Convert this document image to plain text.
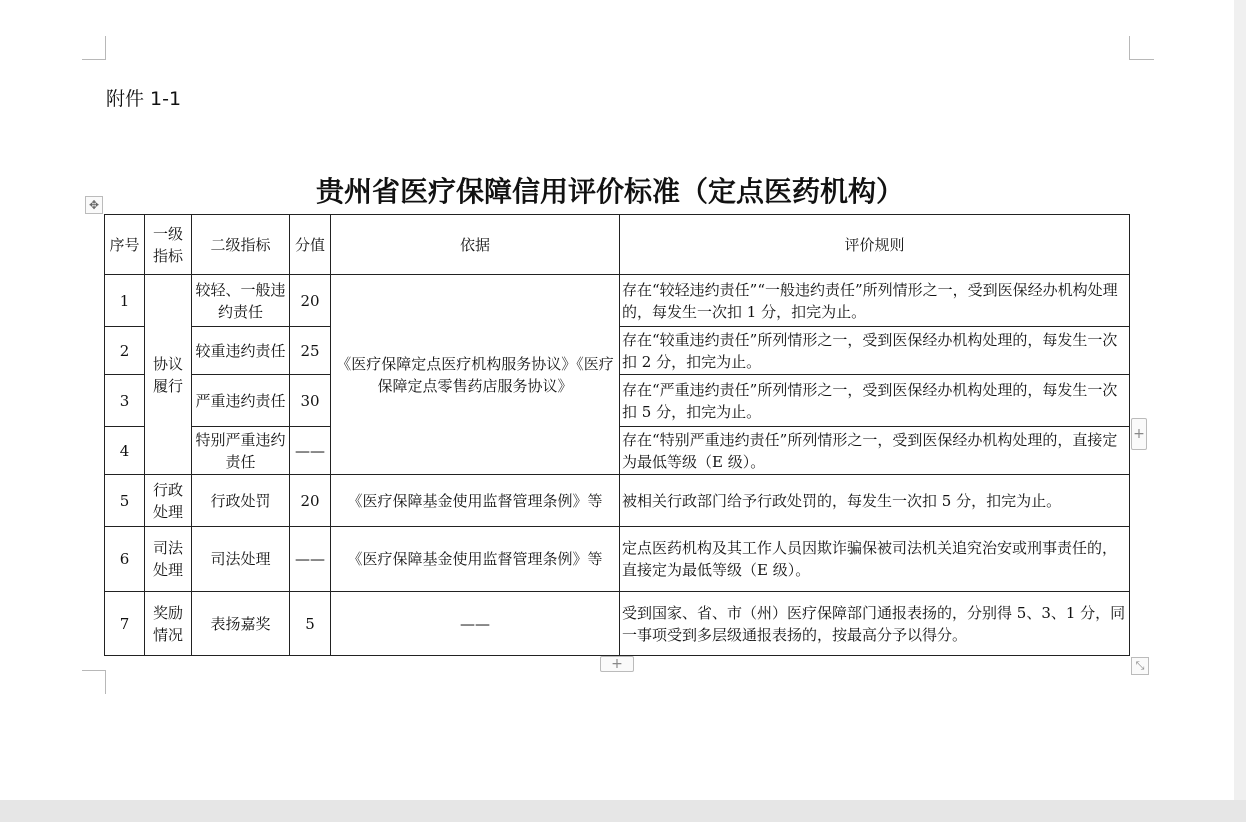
附件 1-1
贵州省医疗保障信用评价标准（定点医药机构）
✥
序号	一级指标	二级指标	分值	依据	评价规则
1	协议履行	较轻、一般违约责任	20	《医疗保障定点医疗机构服务协议》《医疗保障定点零售药店服务协议》	存在“较轻违约责任”“一般违约责任”所列情形之一，受到医保经办机构处理的，每发生一次扣 1 分，扣完为止。
2		较重违约责任	25		存在“较重违约责任”所列情形之一，受到医保经办机构处理的，每发生一次扣 2 分，扣完为止。
3		严重违约责任	30		存在“严重违约责任”所列情形之一，受到医保经办机构处理的，每发生一次扣 5 分，扣完为止。
4		特别严重违约责任	——		存在“特别严重违约责任”所列情形之一，受到医保经办机构处理的，直接定为最低等级（E 级）。
5	行政处理	行政处罚	20	《医疗保障基金使用监督管理条例》等	被相关行政部门给予行政处罚的，每发生一次扣 5 分，扣完为止。
6	司法处理	司法处理	——	《医疗保障基金使用监督管理条例》等	定点医药机构及其工作人员因欺诈骗保被司法机关追究治安或刑事责任的，直接定为最低等级（E 级）。
7	奖励情况	表扬嘉奖	5	——	受到国家、省、市（州）医疗保障部门通报表扬的，分别得 5、3、1 分，同一事项受到多层级通报表扬的，按最高分予以得分。
+
+	⤡
